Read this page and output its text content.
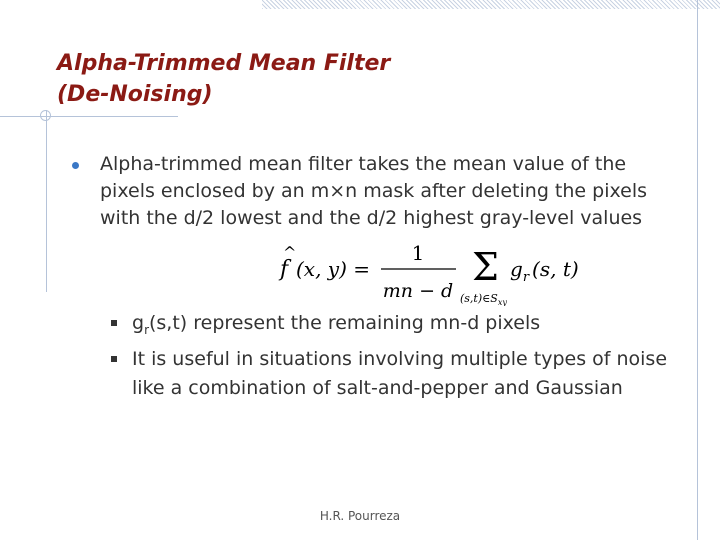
Alpha-Trimmed Mean Filter
(De-Noising)
Alpha-trimmed mean filter takes the mean value of the pixels enclosed by an m×n mask after deleting the pixels with the d/2 lowest and the d/2 highest gray-level values
f
^
(x, y) =
1
mn − d
Σ $g_r$ (s, t)
$(s,t)\in S_{xy}$
$g_r(s,t)$ represent the remaining mn-d pixels
It is useful in situations involving multiple types of noise like a combination of salt-and-pepper and Gaussian
H.R. Pourreza
